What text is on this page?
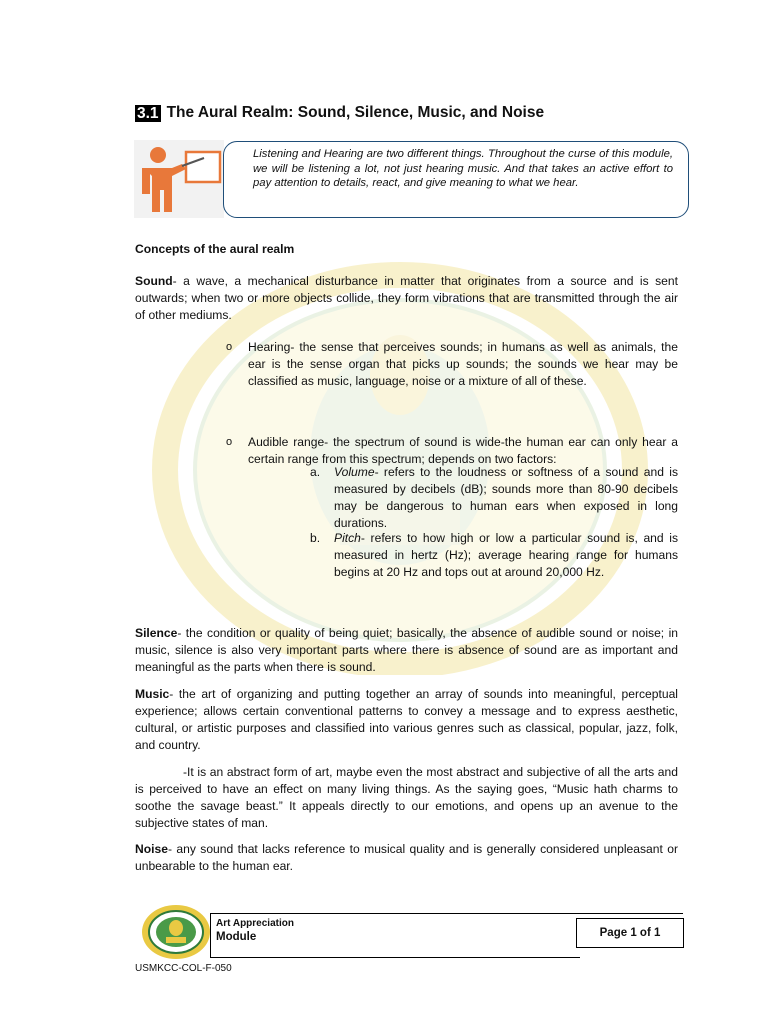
3.1 The Aural Realm: Sound, Silence, Music, and Noise

Listening and Hearing are two different things. Throughout the curse of this module, we will be listening a lot, not just hearing music. And that takes an active effort to pay attention to details, react, and give meaning to what we hear.

Concepts of the aural realm
Sound- a wave, a mechanical disturbance in matter that originates from a source and is sent outwards; when two or more objects collide, they form vibrations that are transmitted through the air of other mediums.
o	Hearing- the sense that perceives sounds; in humans as well as animals, the ear is the sense organ that picks up sounds; the sounds we hear may be classified as music, language, noise or a mixture of all of these.
o	Audible range- the spectrum of sound is wide-the human ear can only hear a certain range from this spectrum; depends on two factors:
a.	Volume- refers to the loudness or softness of a sound and is measured by decibels (dB); sounds more than 80-90 decibels may be dangerous to human ears when exposed in long durations.
b.	Pitch- refers to how high or low a particular sound is, and is measured in hertz (Hz); average hearing range for humans begins at 20 Hz and tops out at around 20,000 Hz.
Silence- the condition or quality of being quiet; basically, the absence of audible sound or noise; in music, silence is also very important parts where there is absence of sound are as important and meaningful as the parts when there is sound.
Music- the art of organizing and putting together an array of sounds into meaningful, perceptual experience; allows certain conventional patterns to convey a message and to express aesthetic, cultural, or artistic purposes and classified into various genres such as classical, popular, jazz, folk, and country.
-It is an abstract form of art, maybe even the most abstract and subjective of all the arts and is perceived to have an effect on many living things. As the saying goes, “Music hath charms to soothe the savage beast.” It appeals directly to our emotions, and opens up an avenue to the subjective states of man.
Noise- any sound that lacks reference to musical quality and is generally considered unpleasant or unbearable to the human ear.
Art Appreciation
Module	Page 1 of 1
USMKCC-COL-F-050
